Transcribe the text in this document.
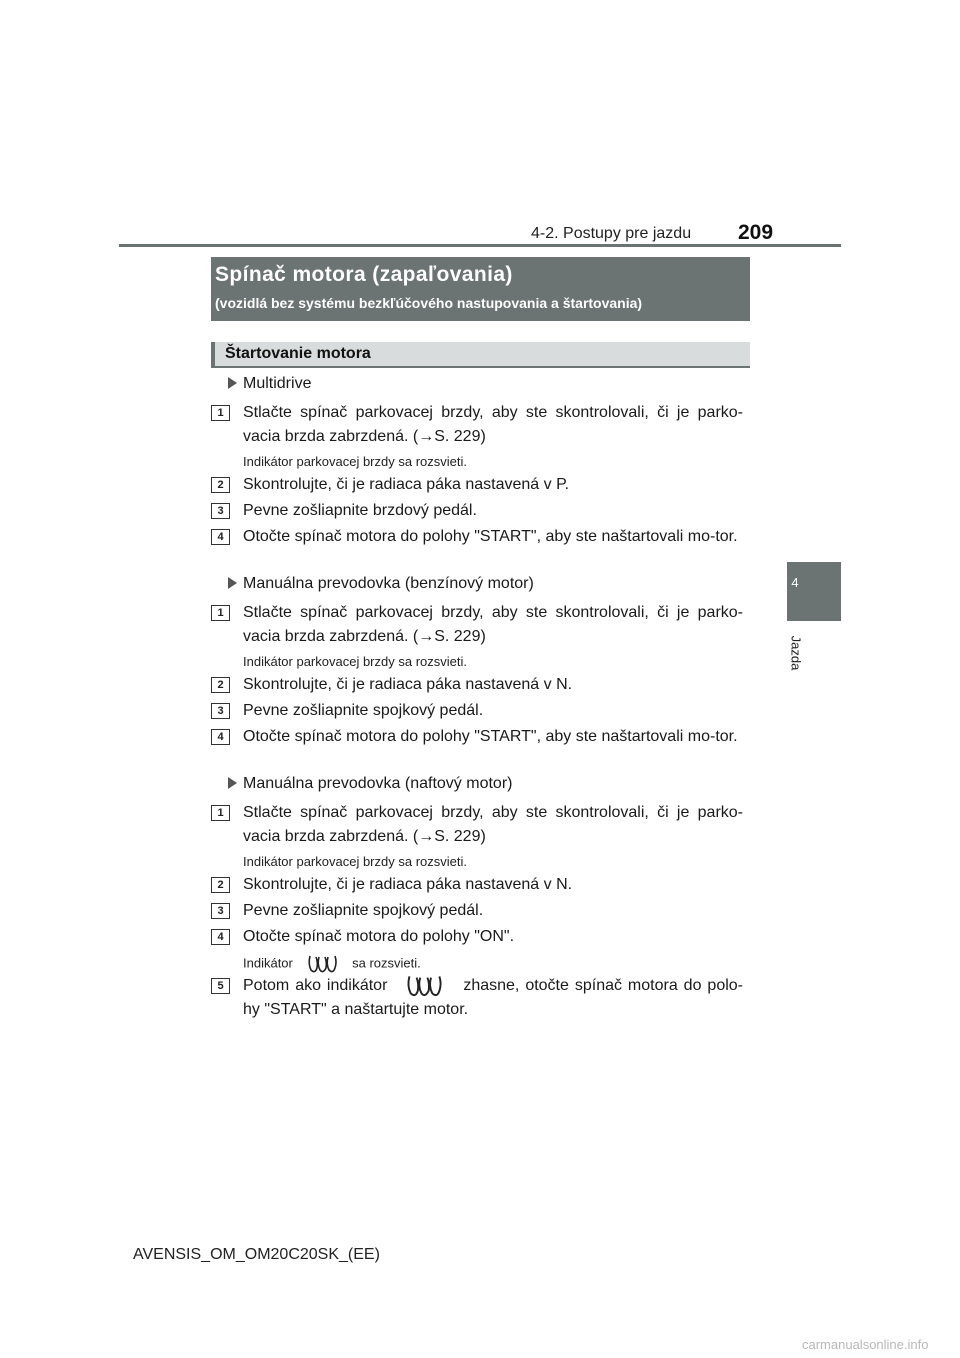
4-2. Postupy pre jazdu 209
4
Jazda
Spínač motora (zapaľovania)
(vozidlá bez systému bezkľúčového nastupovania a štartovania)
Štartovanie motora
Multidrive
1	Stlačte spínač parkovacej brzdy, aby ste skontrolovali, či je parko-vacia brzda zabrzdená. (→S. 229)
Indikátor parkovacej brzdy sa rozsvieti.
2	Skontrolujte, či je radiaca páka nastavená v P.
3	Pevne zošliapnite brzdový pedál.
4	Otočte spínač motora do polohy "START", aby ste naštartovali mo-tor.
Manuálna prevodovka (benzínový motor)
1	Stlačte spínač parkovacej brzdy, aby ste skontrolovali, či je parko-vacia brzda zabrzdená. (→S. 229)
Indikátor parkovacej brzdy sa rozsvieti.
2	Skontrolujte, či je radiaca páka nastavená v N.
3	Pevne zošliapnite spojkový pedál.
4	Otočte spínač motora do polohy "START", aby ste naštartovali mo-tor.
Manuálna prevodovka (naftový motor)
1	Stlačte spínač parkovacej brzdy, aby ste skontrolovali, či je parko-vacia brzda zabrzdená. (→S. 229)
Indikátor parkovacej brzdy sa rozsvieti.
2	Skontrolujte, či je radiaca páka nastavená v N.
3	Pevne zošliapnite spojkový pedál.
4	Otočte spínač motora do polohy "ON".
Indikátor	sa rozsvieti.
5	Potom ako indikátor	zhasne, otočte spínač motora do polo-hy "START" a naštartujte motor.
AVENSIS_OM_OM20C20SK_(EE)
carmanualsonline.info
